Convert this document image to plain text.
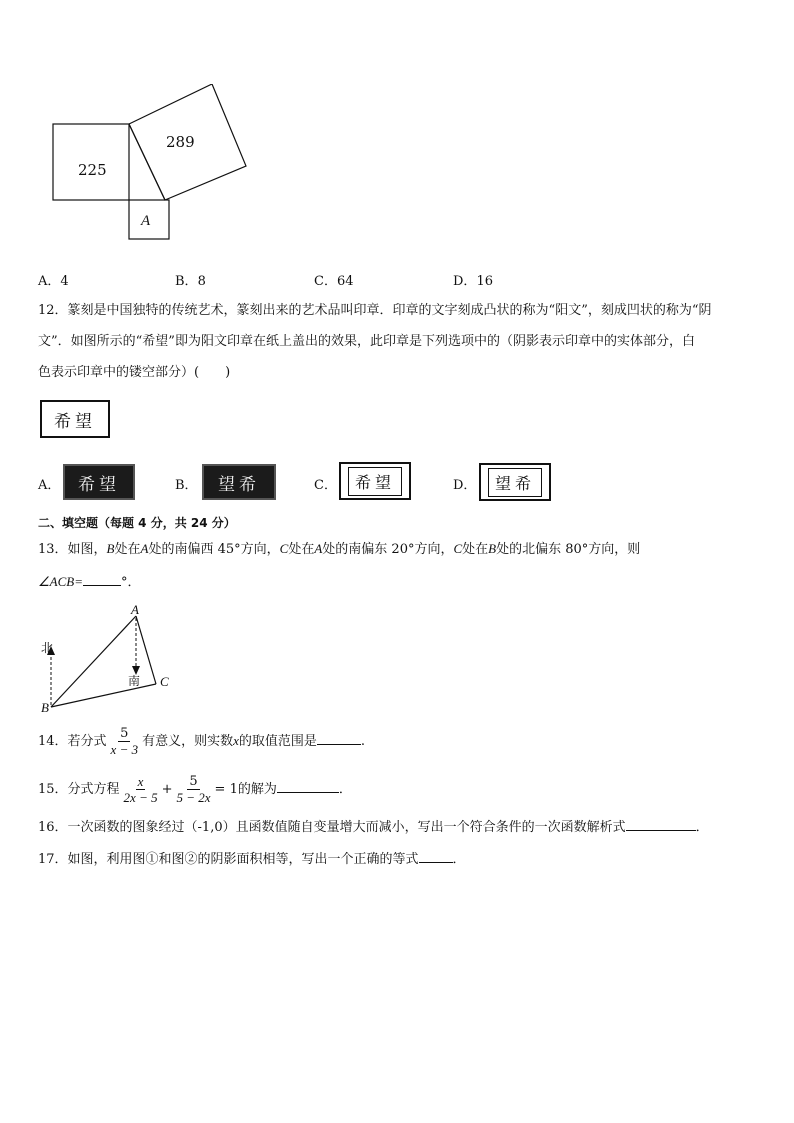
225
289
A
A．4	B．8	C．64	D．16
12．篆刻是中国独特的传统艺术，篆刻出来的艺术品叫印章．印章的文字刻成凸状的称为“阳文”，刻成凹状的称为“阴
文”．如图所示的“希望”即为阳文印章在纸上盖出的效果，此印章是下列选项中的（阴影表示印章中的实体部分，白
色表示印章中的镂空部分）(　　)
希望
A． 希望	B． 望希	C．	希望	D．	望希
二、填空题（每题 4 分，共 24 分）
13．如图，B处在A处的南偏西 45°方向，C处在A处的南偏东 20°方向，C处在B处的北偏东 80°方向，则
∠ACB=	°．
北
南
A
B
C
14．若分式 $\frac{5}{x - 3}$ 有意义，则实数x的取值范围是	.
15．分式方程 $\frac{x}{2x - 5} + \frac{5}{5 - 2x} = 1$的解为	．
16．一次函数的图象经过（-1,0）且函数值随自变量增大而减小，写出一个符合条件的一次函数解析式	．
17．如图，利用图①和图②的阴影面积相等，写出一个正确的等式	．
